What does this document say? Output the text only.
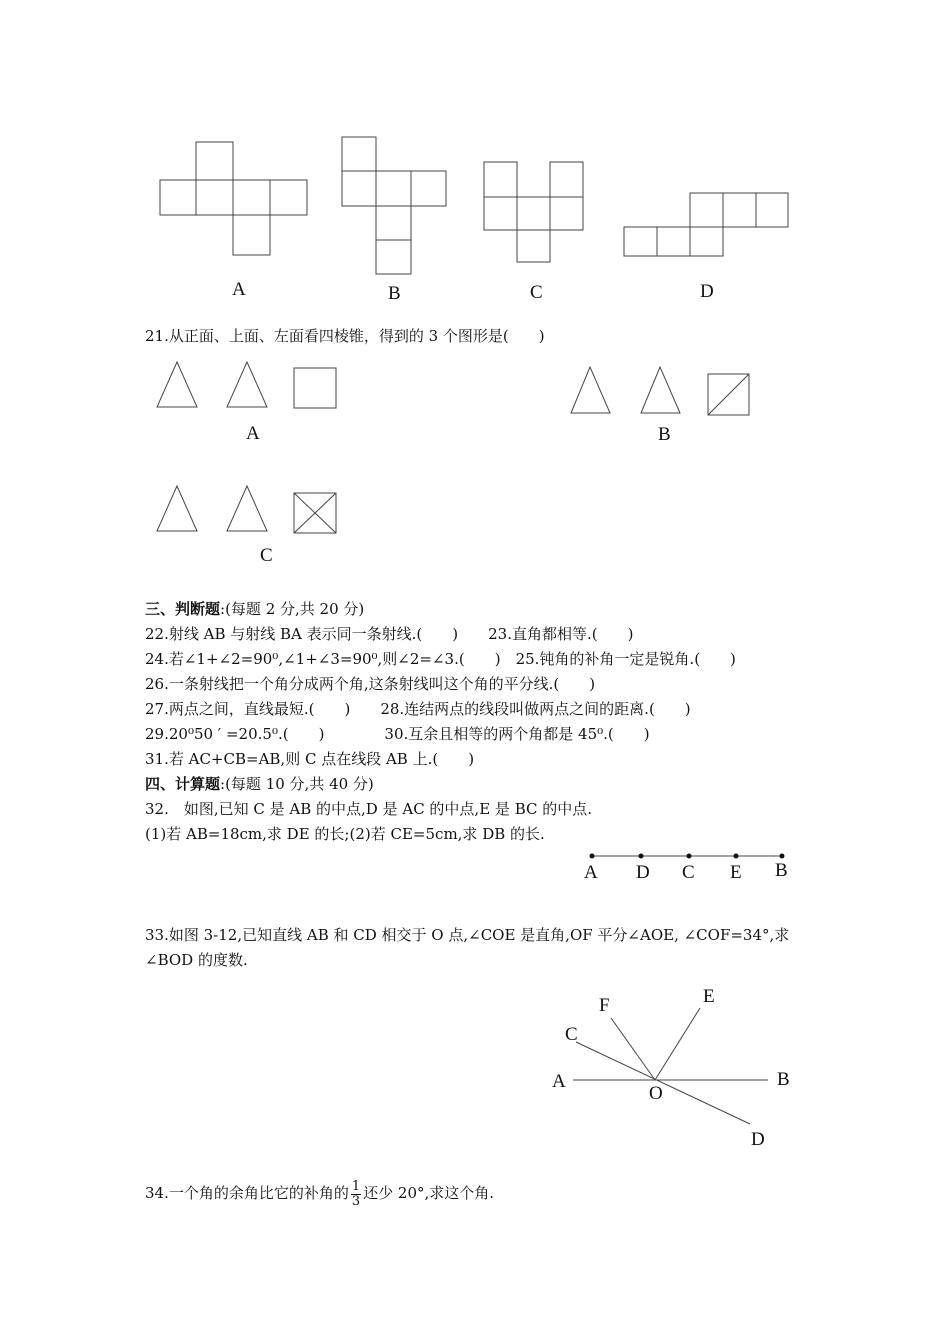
A	B	C	D
21.从正面、上面、左面看四棱锥，得到的 3 个图形是(　　)
A	B
C
三、判断题:(每题 2 分,共 20 分)
22.射线 AB 与射线 BA 表示同一条射线.(　　)　　23.直角都相等.(　　)
24.若∠1+∠2=90⁰,∠1+∠3=90⁰,则∠2=∠3.(　　)　25.钝角的补角一定是锐角.(　　)
26.一条射线把一个角分成两个角,这条射线叫这个角的平分线.(　　)
27.两点之间，直线最短.(　　)　　28.连结两点的线段叫做两点之间的距离.(　　)
29.20⁰50 ′ =20.5⁰.(　　)　　　　30.互余且相等的两个角都是 45⁰.(　　)
31.若 AC+CB=AB,则 C 点在线段 AB 上.(　　)
四、计算题:(每题 10 分,共 40 分)
32.　如图,已知 C 是 AB 的中点,D 是 AC 的中点,E 是 BC 的中点.
(1)若 AB=18cm,求 DE 的长;(2)若 CE=5cm,求 DB 的长.
A D C E B
33.如图 3-12,已知直线 AB 和 CD 相交于 O 点,∠COE 是直角,OF 平分∠AOE, ∠COF=34°,求
∠BOD 的度数.
F	E
C
A
O
B
D
34.一个角的余角比它的补角的 $\frac{1}{3}$ 还少 20°,求这个角.
